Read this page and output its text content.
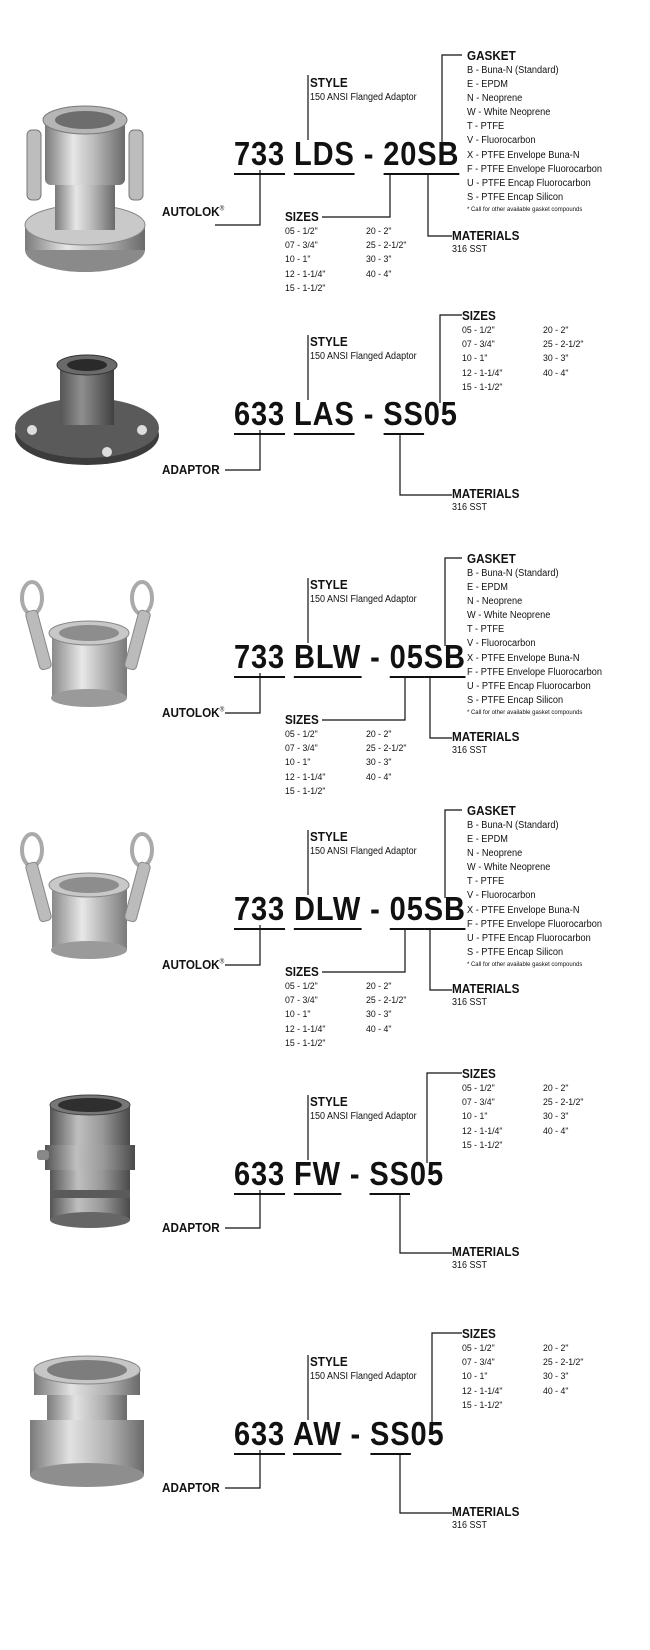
733 LDS - 20SB
AUTOLOK®
STYLE
150 ANSI Flanged Adaptor
SIZES
05 - 1/2"
07 - 3/4"
10 - 1"
12 - 1-1/4"
15 - 1-1/2"
20 - 2"
25 - 2-1/2"
30 - 3"
40 - 4"
MATERIALS
316 SST
GASKET
B - Buna-N (Standard)
E - EPDM
N - Neoprene
W - White Neoprene
T - PTFE
V - Fluorocarbon
X - PTFE Envelope Buna-N
F - PTFE Envelope Fluorocarbon
U - PTFE Encap Fluorocarbon
S - PTFE Encap Silicon
* Call for other available gasket compounds
633 LAS - SS05
ADAPTOR
STYLE
150 ANSI Flanged Adaptor
SIZES
05 - 1/2"
07 - 3/4"
10 - 1"
12 - 1-1/4"
15 - 1-1/2"
20 - 2"
25 - 2-1/2"
30 - 3"
40 - 4"
MATERIALS
316 SST
733 BLW - 05SB
AUTOLOK®
STYLE
150 ANSI Flanged Adaptor
SIZES
05 - 1/2"
07 - 3/4"
10 - 1"
12 - 1-1/4"
15 - 1-1/2"
20 - 2"
25 - 2-1/2"
30 - 3"
40 - 4"
MATERIALS
316 SST
GASKET
B - Buna-N (Standard)
E - EPDM
N - Neoprene
W - White Neoprene
T - PTFE
V - Fluorocarbon
X - PTFE Envelope Buna-N
F - PTFE Envelope Fluorocarbon
U - PTFE Encap Fluorocarbon
S - PTFE Encap Silicon
* Call for other available gasket compounds
733 DLW - 05SB
AUTOLOK®
STYLE
150 ANSI Flanged Adaptor
SIZES
05 - 1/2"
07 - 3/4"
10 - 1"
12 - 1-1/4"
15 - 1-1/2"
20 - 2"
25 - 2-1/2"
30 - 3"
40 - 4"
MATERIALS
316 SST
GASKET
B - Buna-N (Standard)
E - EPDM
N - Neoprene
W - White Neoprene
T - PTFE
V - Fluorocarbon
X - PTFE Envelope Buna-N
F - PTFE Envelope Fluorocarbon
U - PTFE Encap Fluorocarbon
S - PTFE Encap Silicon
* Call for other available gasket compounds
633 FW - SS05
ADAPTOR
STYLE
150 ANSI Flanged Adaptor
SIZES
05 - 1/2"
07 - 3/4"
10 - 1"
12 - 1-1/4"
15 - 1-1/2"
20 - 2"
25 - 2-1/2"
30 - 3"
40 - 4"
MATERIALS
316 SST
633 AW - SS05
ADAPTOR
STYLE
150 ANSI Flanged Adaptor
SIZES
05 - 1/2"
07 - 3/4"
10 - 1"
12 - 1-1/4"
15 - 1-1/2"
20 - 2"
25 - 2-1/2"
30 - 3"
40 - 4"
MATERIALS
316 SST
